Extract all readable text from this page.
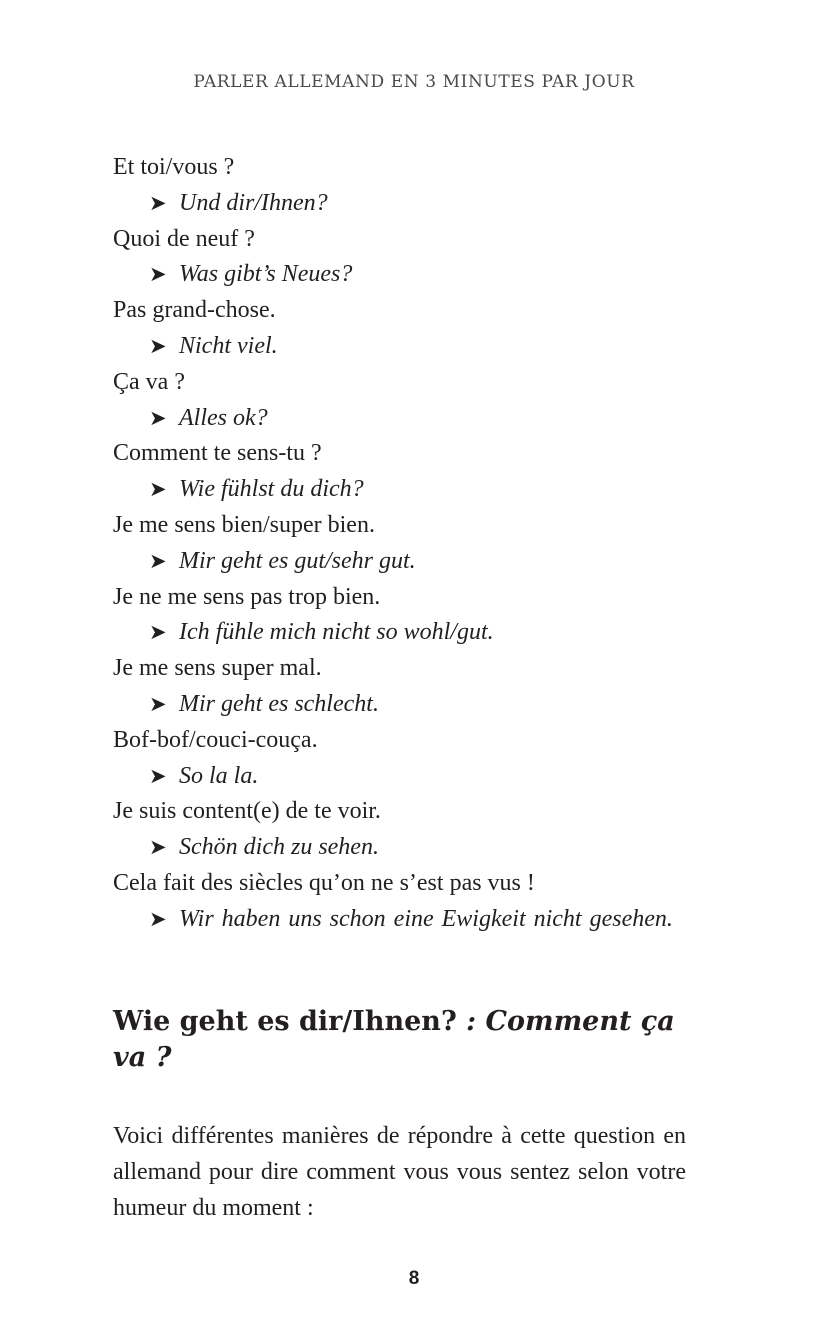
PARLER ALLEMAND EN 3 MINUTES PAR JOUR
Et toi/vous ?
➤ Und dir/Ihnen?
Quoi de neuf ?
➤ Was gibt’s Neues?
Pas grand-chose.
➤ Nicht viel.
Ça va ?
➤ Alles ok?
Comment te sens-tu ?
➤ Wie fühlst du dich?
Je me sens bien/super bien.
➤ Mir geht es gut/sehr gut.
Je ne me sens pas trop bien.
➤ Ich fühle mich nicht so wohl/gut.
Je me sens super mal.
➤ Mir geht es schlecht.
Bof-bof/couci-couça.
➤ So la la.
Je suis content(e) de te voir.
➤ Schön dich zu sehen.
Cela fait des siècles qu’on ne s’est pas vus !
➤ Wir haben uns schon eine Ewigkeit nicht gesehen.
Wie geht es dir/Ihnen? : Comment ça va ?

Voici différentes manières de répondre à cette question en allemand pour dire comment vous vous sentez selon votre humeur du moment :

8
